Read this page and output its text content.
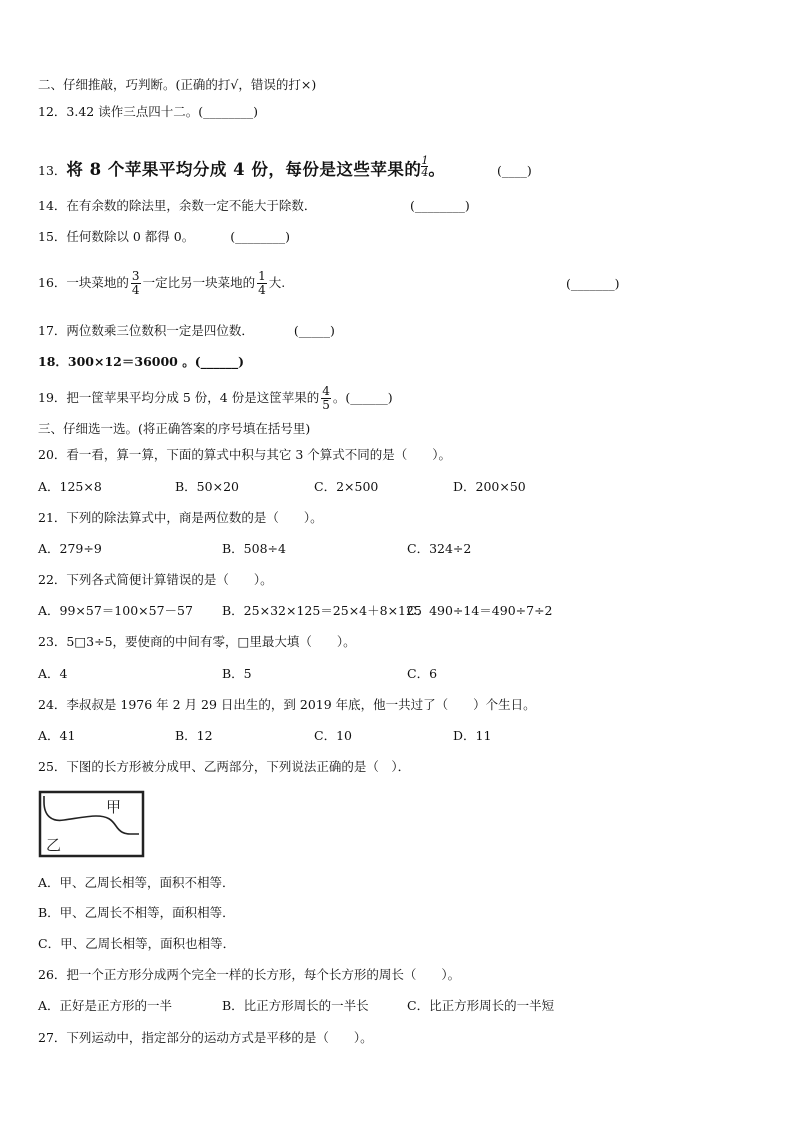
二、仔细推敲，巧判断。(正确的打√，错误的打×)
12．3.42 读作三点四十二。(________)
13．将 8 个苹果平均分成 4 份，每份是这些苹果的 $\frac{1}{4}$ 。	(____)
14．在有余数的除法里，余数一定不能大于除数．	(________)
15．任何数除以 0 都得 0。	(________)
16．一块菜地的 $\frac{3}{4}$ 一定比另一块菜地的 $\frac{1}{4}$ 大.	(_______)
17．两位数乘三位数积一定是四位数．	(_____)
18．300×12＝36000 。(______)
19．把一筐苹果平均分成 5 份，4 份是这筐苹果的 $\frac{4}{5}$ 。(______)
三、仔细选一选。(将正确答案的序号填在括号里)
20．看一看，算一算，下面的算式中积与其它 3 个算式不同的是（　　）。
A．125×8	B．50×20	C．2×500	D．200×50
21．下列的除法算式中，商是两位数的是（　　）。
A．279÷9	B．508÷4	C．324÷2
22．下列各式简便计算错误的是（　　）。
A．99×57＝100×57－57 B．25×32×125＝25×4＋8×125
C．490÷14＝490÷7÷2
23．5□3÷5，要使商的中间有零，□里最大填（　　）。
A．4	B．5	C．6
24．李叔叔是 1976 年 2 月 29 日出生的，到 2019 年底，他一共过了（　　）个生日。
A．41	B．12	C．10	D．11
25．下图的长方形被分成甲、乙两部分，下列说法正确的是（　）．
甲
乙
A．甲、乙周长相等，面积不相等．
B．甲、乙周长不相等，面积相等．
C．甲、乙周长相等，面积也相等．
26．把一个正方形分成两个完全一样的长方形，每个长方形的周长（　　）。
A．正好是正方形的一半	B．比正方形周长的一半长	C．比正方形周长的一半短
27．下列运动中，指定部分的运动方式是平移的是（　　）。
